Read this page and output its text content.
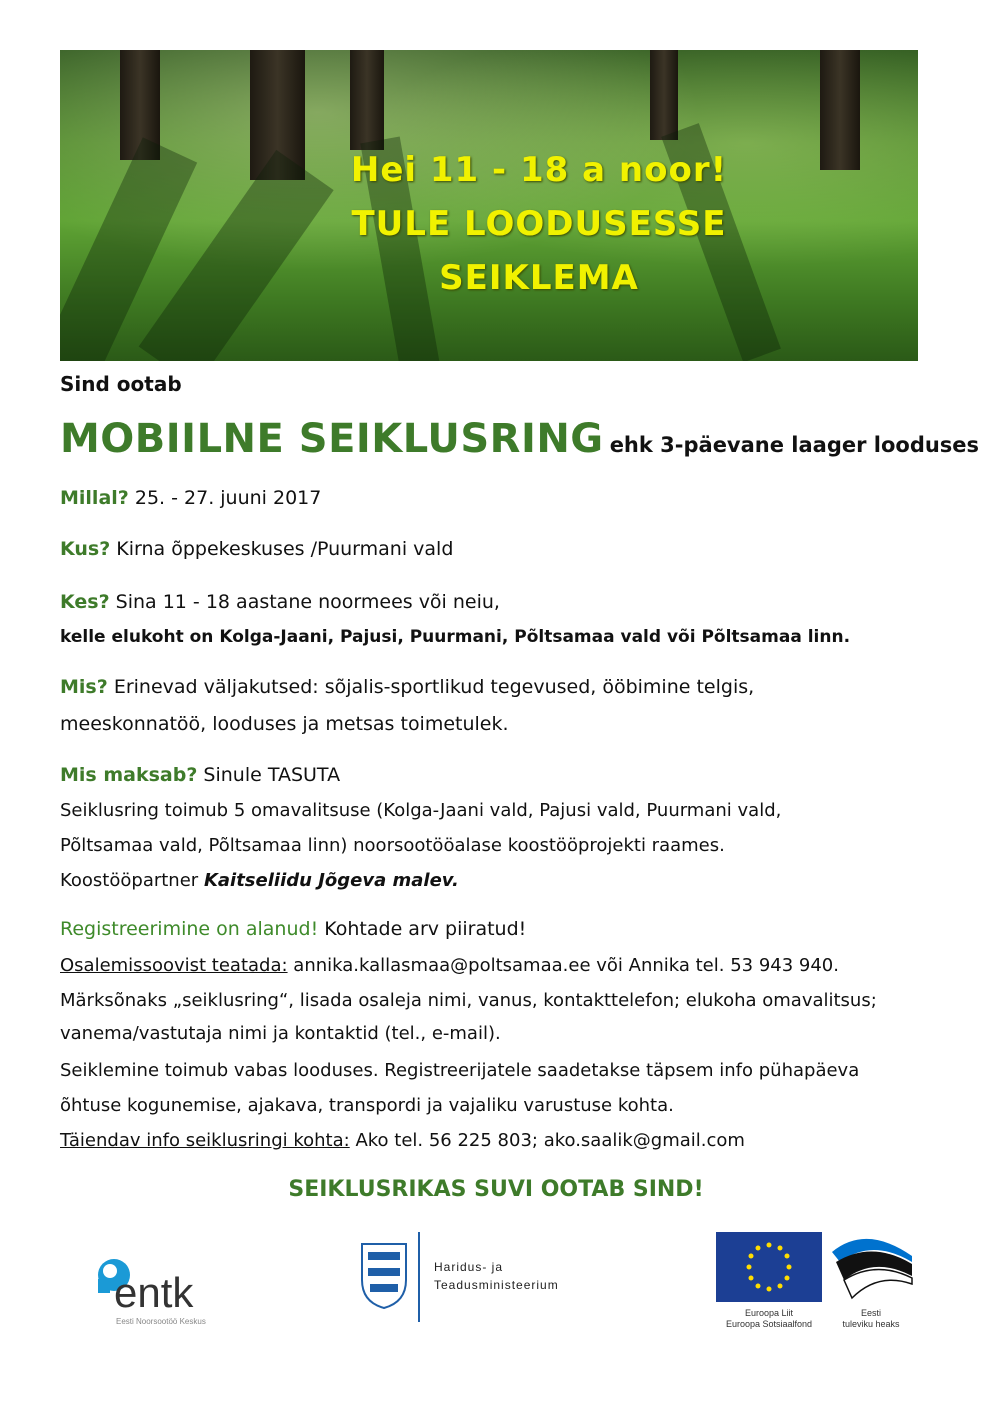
Hei 11 - 18 a noor!
TULE LOODUSESSE
SEIKLEMA
Sind ootab
MOBIILNE SEIKLUSRING ehk 3-päevane laager looduses
Millal? 25. - 27. juuni 2017
Kus? Kirna õppekeskuses /Puurmani vald
Kes? Sina 11 - 18 aastane noormees või neiu,
kelle elukoht on Kolga-Jaani, Pajusi, Puurmani, Põltsamaa vald või Põltsamaa linn.
Mis? Erinevad väljakutsed: sõjalis-sportlikud tegevused, ööbimine telgis,
meeskonnatöö, looduses ja metsas toimetulek.
Mis maksab? Sinule TASUTA
Seiklusring toimub 5 omavalitsuse (Kolga-Jaani vald, Pajusi vald, Puurmani vald,
Põltsamaa vald, Põltsamaa linn) noorsootööalase koostööprojekti raames.
Koostööpartner Kaitseliidu Jõgeva malev.
Registreerimine on alanud! Kohtade arv piiratud!
Osalemissoovist teatada: annika.kallasmaa@poltsamaa.ee või Annika tel. 53 943 940.
Märksõnaks „seiklusring“, lisada osaleja nimi, vanus, kontakttelefon; elukoha omavalitsus;
vanema/vastutaja nimi ja kontaktid (tel., e-mail).
Seiklemine toimub vabas looduses. Registreerijatele saadetakse täpsem info pühapäeva
õhtuse kogunemise, ajakava, transpordi ja vajaliku varustuse kohta.
Täiendav info seiklusringi kohta: Ako tel. 56 225 803; ako.saalik@gmail.com
SEIKLUSRIKAS SUVI OOTAB SIND!
entk
Eesti Noorsootöö Keskus
Haridus- ja
Teadusministeerium
Euroopa Liit
Euroopa Sotsiaalfond
Eesti
tuleviku heaks
